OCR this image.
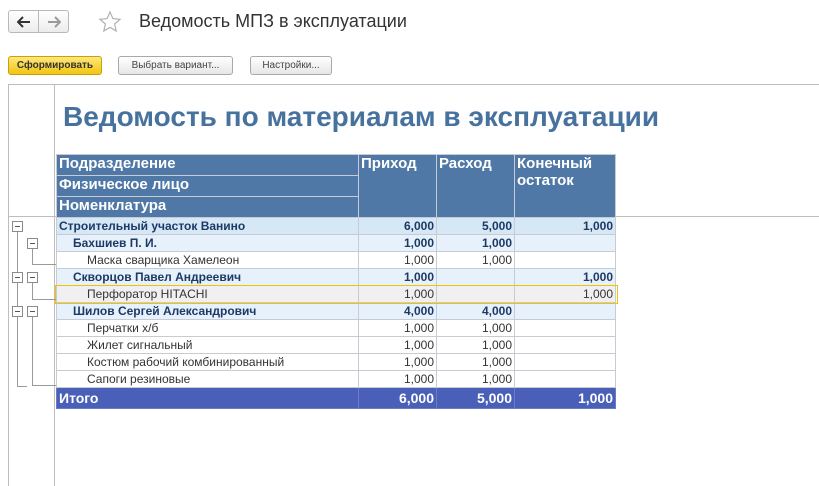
Ведомость МПЗ в эксплуатации
Сформировать	Выбрать вариант...	Настройки...
Ведомость по материалам в эксплуатации
Подразделение	Приход	Расход	Конечный
остаток

Физическое лицо			
Номенклатура			
Строительный участок Ванино	6,000	5,000	1,000
Бахшиев П. И.	1,000	1,000	
Маска сварщика Хамелеон	1,000	1,000	
Скворцов Павел Андреевич	1,000		1,000
Перфоратор HITACHI	1,000		1,000
Шилов Сергей Александрович	4,000	4,000	
Перчатки х/б	1,000	1,000	
Жилет сигнальный	1,000	1,000	
Костюм рабочий комбинированный	1,000	1,000	
Сапоги резиновые	1,000	1,000	
Итого	6,000	5,000	1,000
